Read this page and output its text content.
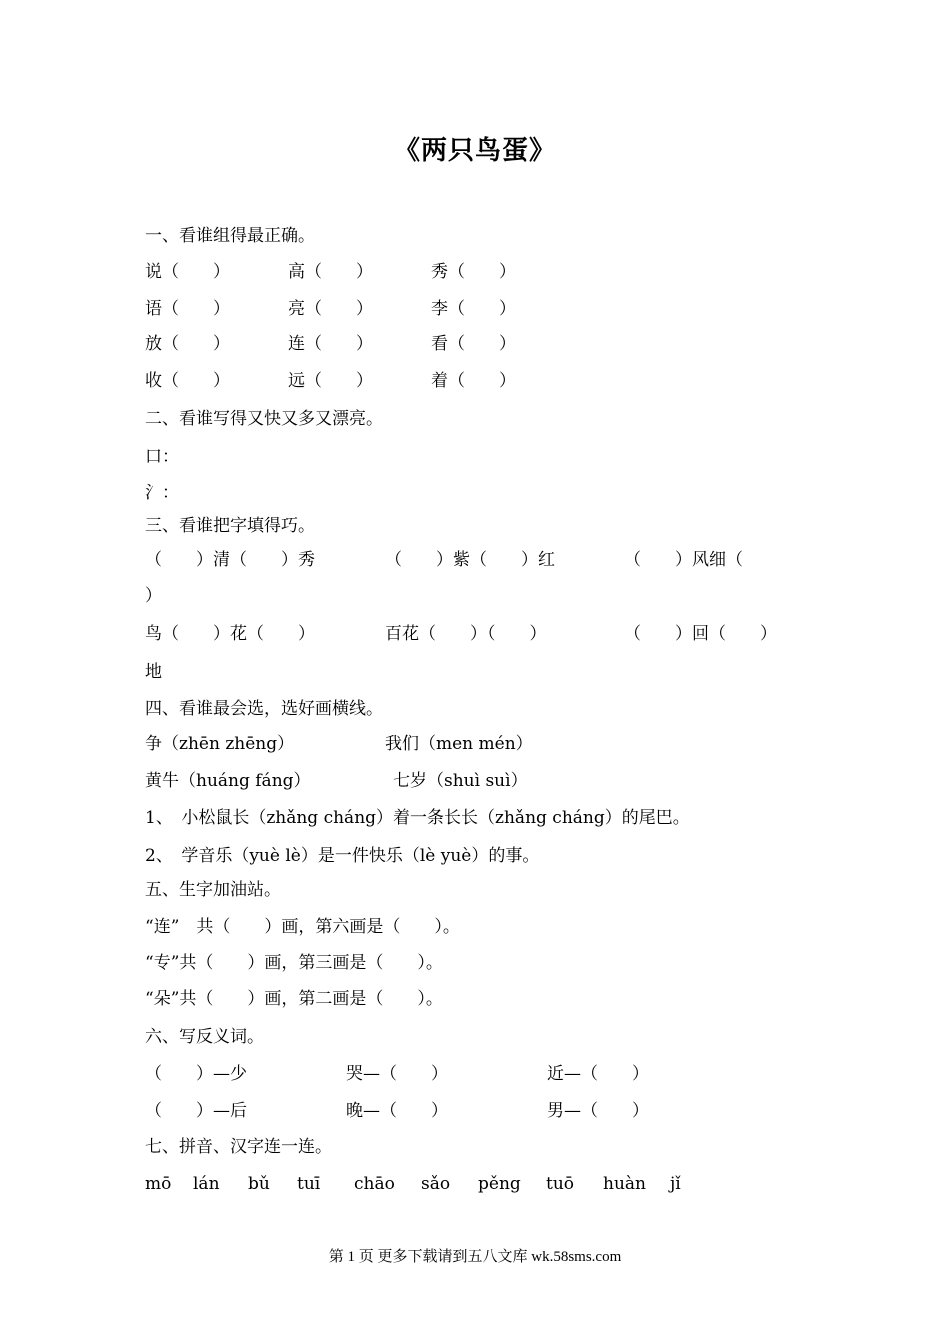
《两只鸟蛋》
一、看谁组得最正确。
说（　　）	高（　　）	秀（　　）
语（　　）	亮（　　）	李（　　）
放（　　）	连（　　）	看（　　）
收（　　）	远（　　）	着（　　）
二、看谁写得又快又多又漂亮。
口：
氵：
三、看谁把字填得巧。
（　　）清（　　）秀	（　　）紫（　　）红	（　　）风细（
）
鸟（　　）花（　　）	百花（　　）（　　）	（　　）回（　　）
地
四、看谁最会选，选好画横线。
争（zhēn zhēng）	我们（men mén）
黄牛（huáng fáng）	七岁（shuì suì）
1、　小松鼠长（zhǎng cháng）着一条长长（zhǎng cháng）的尾巴。
2、　学音乐（yuè lè）是一件快乐（lè yuè）的事。
五、生字加油站。
“连”　共（　　）画，第六画是（　　）。
“专”共（　　）画，第三画是（　　）。
“朵”共（　　）画，第二画是（　　）。
六、写反义词。
（　　）—少	哭—（　　）	近—（　　）
（　　）—后	晚—（　　）	男—（　　）
七、拼音、汉字连一连。
mō lán bǔ tuī chāo sǎo pěng tuō huàn jǐ
第 1 页 更多下载请到五八文库 wk.58sms.com
